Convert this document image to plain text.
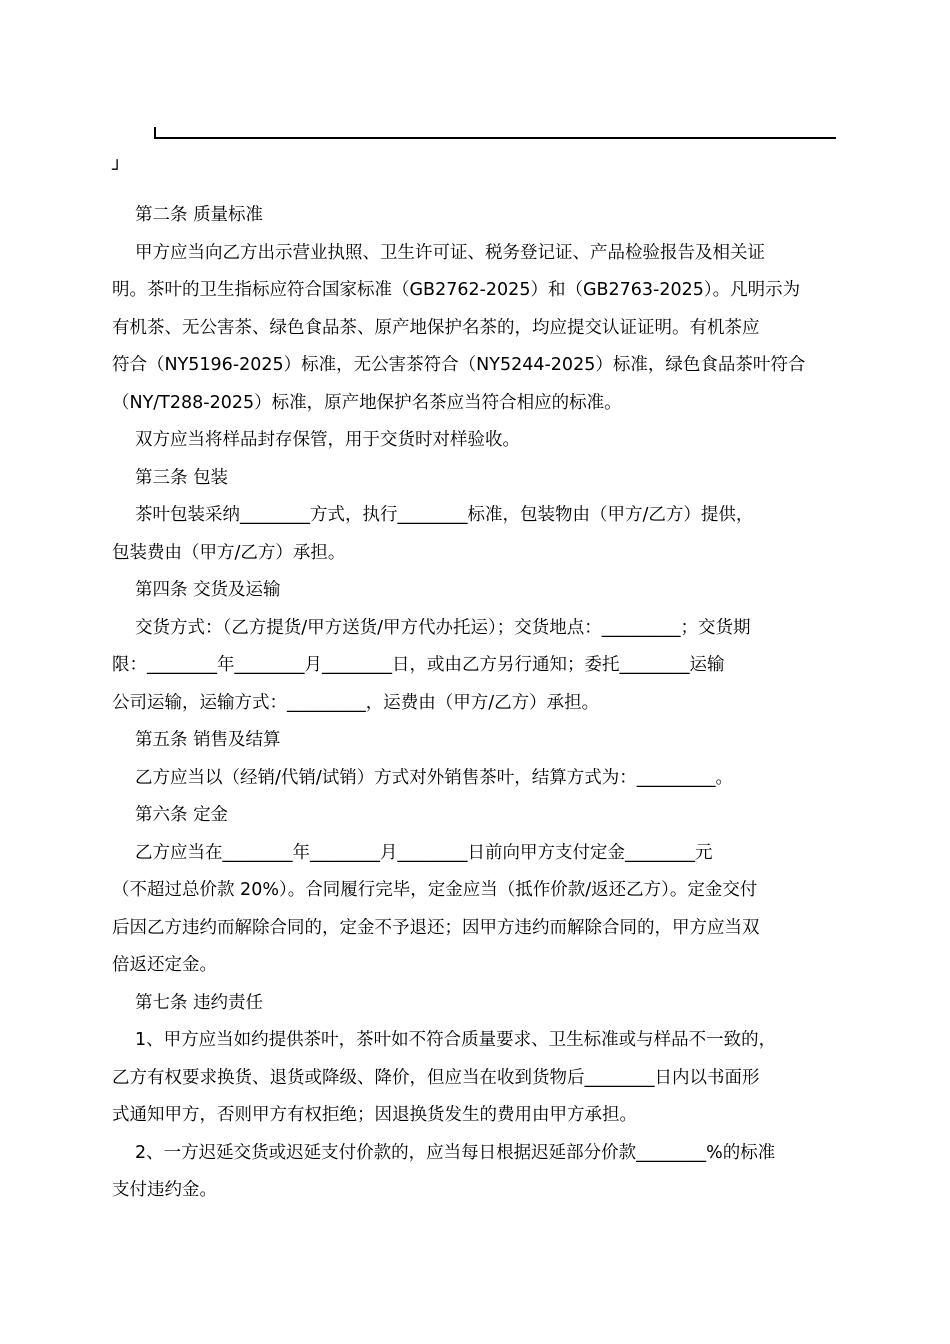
┘
第二条 质量标准
甲方应当向乙方出示营业执照、卫生许可证、税务登记证、产品检验报告及相关证
明。茶叶的卫生指标应符合国家标准（GB2762-2025）和（GB2763-2025）。凡明示为
有机茶、无公害茶、绿色食品茶、原产地保护名茶的，均应提交认证证明。有机茶应
符合（NY5196-2025）标准，无公害茶符合（NY5244-2025）标准，绿色食品茶叶符合
（NY/T288-2025）标准，原产地保护名茶应当符合相应的标准。
双方应当将样品封存保管，用于交货时对样验收。
第三条 包装
茶叶包装采纳________方式，执行________标准，包装物由（甲方/乙方）提供，
包装费由（甲方/乙方）承担。
第四条 交货及运输
交货方式：（乙方提货/甲方送货/甲方代办托运）；交货地点：_________；交货期
限：________年________月________日，或由乙方另行通知；委托________运输
公司运输，运输方式：_________，运费由（甲方/乙方）承担。
第五条 销售及结算
乙方应当以（经销/代销/试销）方式对外销售茶叶，结算方式为：_________。
第六条 定金
乙方应当在________年________月________日前向甲方支付定金________元
（不超过总价款 20%）。合同履行完毕，定金应当（抵作价款/返还乙方）。定金交付
后因乙方违约而解除合同的，定金不予退还；因甲方违约而解除合同的，甲方应当双
倍返还定金。
第七条 违约责任
1、甲方应当如约提供茶叶，茶叶如不符合质量要求、卫生标准或与样品不一致的，
乙方有权要求换货、退货或降级、降价，但应当在收到货物后________日内以书面形
式通知甲方，否则甲方有权拒绝；因退换货发生的费用由甲方承担。
2、一方迟延交货或迟延支付价款的，应当每日根据迟延部分价款________%的标准
支付违约金。
